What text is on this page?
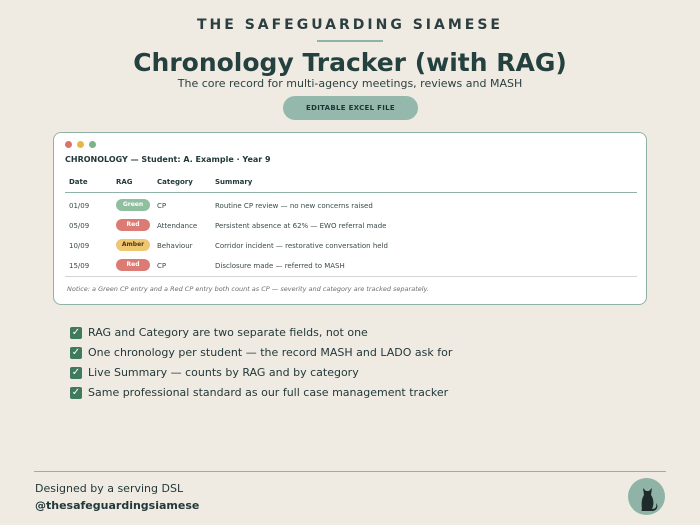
THE SAFEGUARDING SIAMESE
Chronology Tracker (with RAG)
The core record for multi-agency meetings, reviews and MASH
EDITABLE EXCEL FILE
CHRONOLOGY — Student: A. Example · Year 9
Date	RAG	Category	Summary
01/09	Green	CP	Routine CP review — no new concerns raised
05/09	Red	Attendance	Persistent absence at 62% — EWO referral made
10/09	Amber	Behaviour	Corridor incident — restorative conversation held
15/09	Red	CP	Disclosure made — referred to MASH
Notice: a Green CP entry and a Red CP entry both count as CP — severity and category are tracked separately.
✓ RAG and Category are two separate fields, not one
✓ One chronology per student — the record MASH and LADO ask for
✓ Live Summary — counts by RAG and by category
✓ Same professional standard as our full case management tracker
Designed by a serving DSL
@thesafeguardingsiamese
